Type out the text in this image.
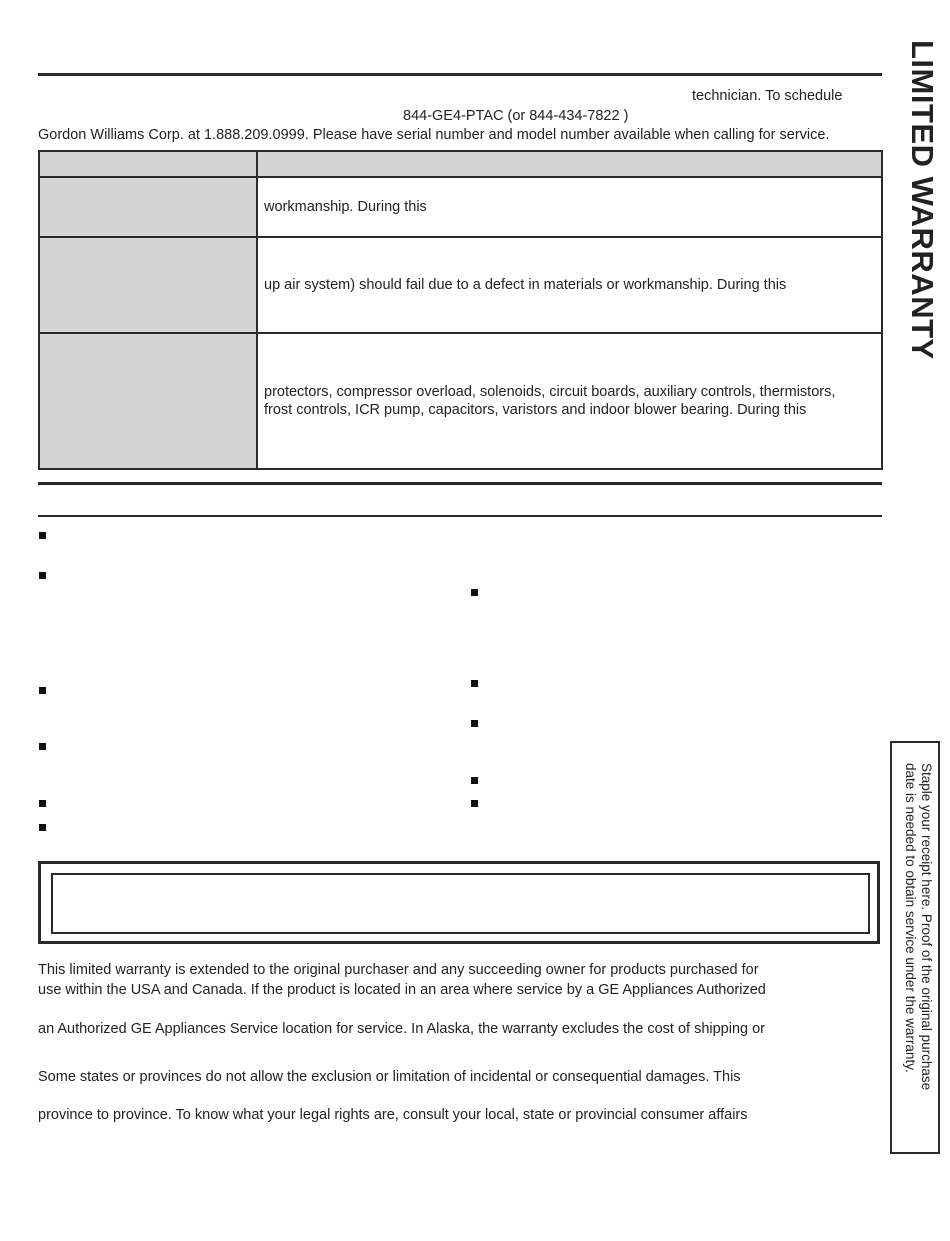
LIMITED WARRANTY
technician. To schedule
844-GE4-PTAC (or 844-434-7822 )
Gordon Williams Corp. at 1.888.209.0999. Please have serial number and model number available when calling for service.

	workmanship. During this
	up air system) should fail due to a defect in materials or workmanship. During this

	protectors, compressor overload, solenoids, circuit boards, auxiliary controls, thermistors,
frost controls, ICR pump, capacitors, varistors and indoor blower bearing. During this
This limited warranty is extended to the original purchaser and any succeeding owner for products purchased for
use within the USA and Canada. If the product is located in an area where service by a GE Appliances Authorized
an Authorized GE Appliances Service location for service. In Alaska, the warranty excludes the cost of shipping or
Some states or provinces do not allow the exclusion or limitation of incidental or consequential damages. This
province to province. To know what your legal rights are, consult your local, state or provincial consumer affairs
Staple your receipt here. Proof of the original purchase
date is needed to obtain service under the warranty.
